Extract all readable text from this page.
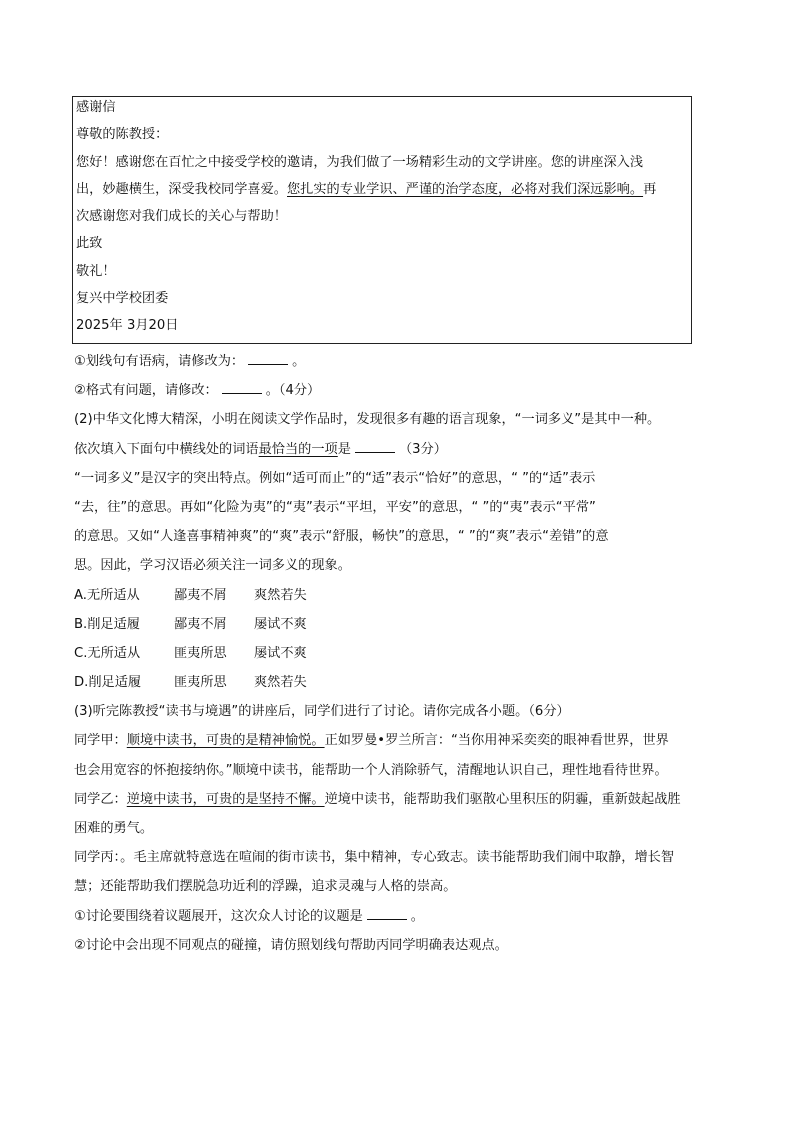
感谢信
尊敬的陈教授：
您好！感谢您在百忙之中接受学校的邀请，为我们做了一场精彩生动的文学讲座。您的讲座深入浅
出，妙趣横生，深受我校同学喜爱。您扎实的专业学识、严谨的治学态度，必将对我们深远影响。再
次感谢您对我们成长的关心与帮助！
此致
敬礼！
复兴中学校团委
2025年 3月20日
①划线句有语病，请修改为：	。
②格式有问题，请修改：	。（4分）
(2)中华文化博大精深，小明在阅读文学作品时，发现很多有趣的语言现象，“一词多义”是其中一种。
依次填入下面句中横线处的词语最恰当的一项是	（3分）
“一词多义”是汉字的突出特点。例如“适可而止”的“适”表示“恰好”的意思，“ ”的“适”表示
“去，往”的意思。再如“化险为夷”的“夷”表示“平坦，平安”的意思，“ ”的“夷”表示“平常”
的意思。又如“人逢喜事精神爽”的“爽”表示“舒服，畅快”的意思，“ ”的“爽”表示“差错”的意
思。因此，学习汉语必须关注一词多义的现象。
A.无所适从	鄙夷不屑	爽然若失
B.削足适履	鄙夷不屑	屡试不爽
C.无所适从	匪夷所思	屡试不爽
D.削足适履	匪夷所思	爽然若失
(3)听完陈教授“读书与境遇”的讲座后，同学们进行了讨论。请你完成各小题。（6分）
同学甲：顺境中读书，可贵的是精神愉悦。正如罗曼•罗兰所言：“当你用神采奕奕的眼神看世界，世界
也会用宽容的怀抱接纳你。”顺境中读书，能帮助一个人消除骄气，清醒地认识自己，理性地看待世界。
同学乙：逆境中读书，可贵的是坚持不懈。逆境中读书，能帮助我们驱散心里积压的阴霾，重新鼓起战胜
困难的勇气。
同学丙：。毛主席就特意选在喧闹的街市读书，集中精神，专心致志。读书能帮助我们闹中取静，增长智
慧；还能帮助我们摆脱急功近利的浮躁，追求灵魂与人格的崇高。
①讨论要围绕着议题展开，这次众人讨论的议题是	。
②讨论中会出现不同观点的碰撞，请仿照划线句帮助丙同学明确表达观点。
